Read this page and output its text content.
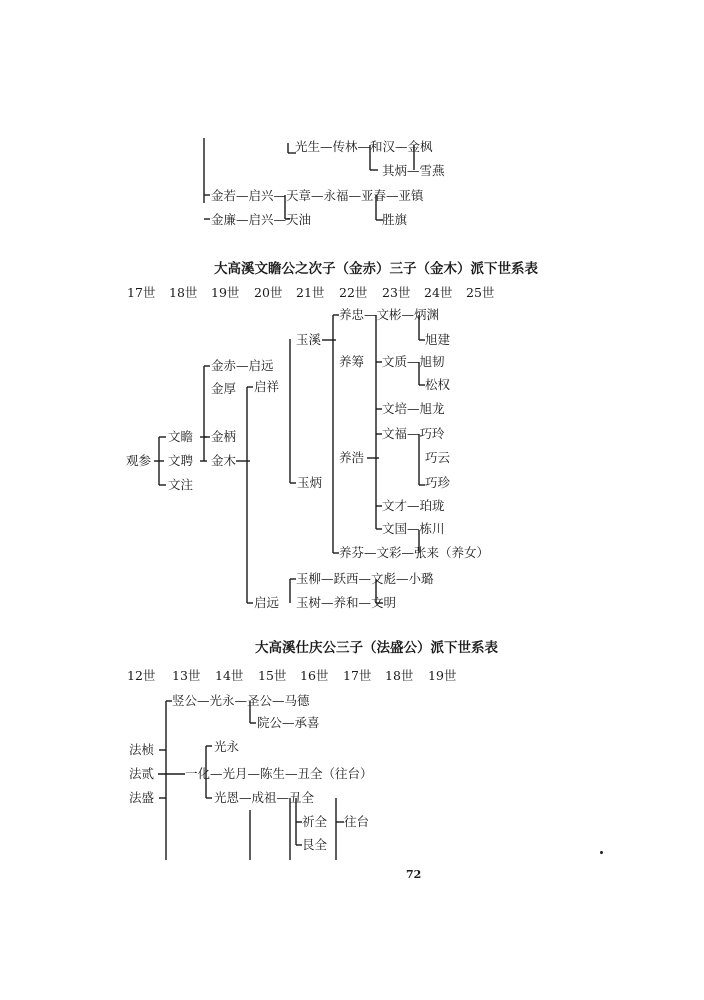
光生—传林—和汉—金枫
其炳—雪燕
金若—启兴—天章—永福—亚春—亚镇
胜旗
金廉—启兴—天油
大高溪文瞻公之次子（金赤）三子（金木）派下世系表
17世 18世 19世 20世 21世 22世 23世 24世 25世
养忠—文彬—炳渊
玉溪	旭建
金赤—启远	养筹 文质—旭韧
金厚 启祥	松权
文培—旭龙
文瞻 金柄	文福—巧玲
观参 文聘 金木	养浩	巧云
文注	玉炳	巧珍
文才—珀珑
文国—栋川
养芬—文彩—张来（养女）
玉柳—跃西—文彪—小璐
启远 玉树—养和—文明
大高溪仕庆公三子（法盛公）派下世系表
12世 13世 14世 15世 16世 17世 18世 19世
竖公—光永—圣公—马德
院公—承喜
法桢	光永
法贰 一化—光月—陈生—丑全（往台）
法盛	光恩—成祖—丑全
祈全 往台
艮全
72
